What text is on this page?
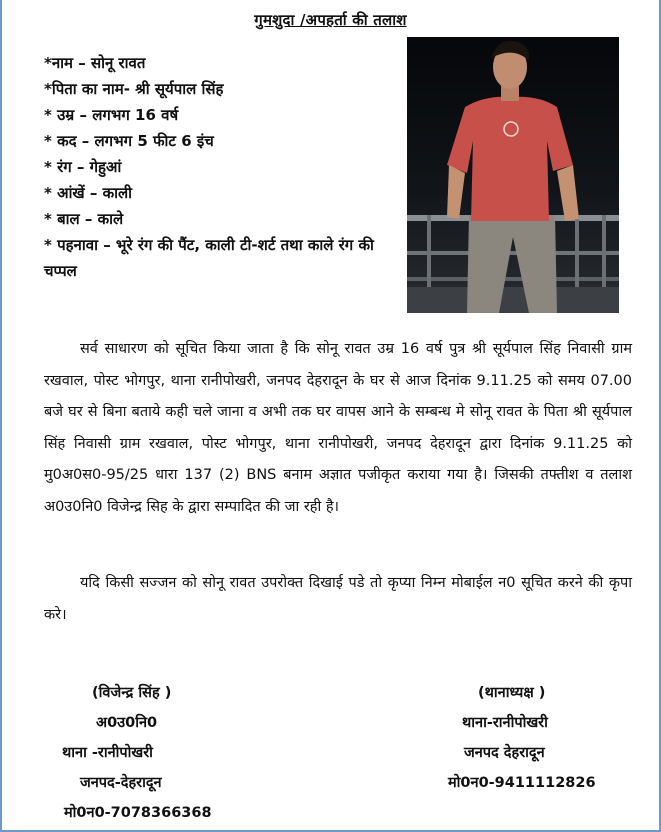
गुमशुदा /अपहर्ता की तलाश
*नाम – सोनू रावत
*पिता का नाम- श्री सूर्यपाल सिंह
* उम्र – लगभग 16 वर्ष
* कद – लगभग 5 फीट 6 इंच
* रंग – गेहुआं
* आंखें – काली
* बाल – काले
* पहनावा – भूरे रंग की पैंट, काली टी-शर्ट तथा काले रंग की चप्पल
सर्व साधारण को सूचित किया जाता है कि सोनू रावत उम्र 16 वर्ष पुत्र श्री सूर्यपाल सिंह निवासी ग्राम रखवाल, पोस्ट भोगपुर, थाना रानीपोखरी, जनपद देहरादून के घर से आज दिनांक 9.11.25 को समय 07.00 बजे घर से बिना बताये कही चले जाना व अभी तक घर वापस आने के सम्बन्ध मे सोनू रावत के पिता श्री सूर्यपाल सिंह निवासी ग्राम रखवाल, पोस्ट भोगपुर, थाना रानीपोखरी, जनपद देहरादून द्वारा दिनांक 9.11.25 को मु0अ0स0-95/25 धारा 137 (2) BNS बनाम अज्ञात पजीकृत कराया गया है। जिसकी तफ्तीश व तलाश अ0उ0नि0 विजेन्द्र सिह के द्वारा सम्पादित की जा रही है।
यदि किसी सज्जन को सोनू रावत उपरोक्त दिखाई पडे तो कृप्या निम्न मोबाईल न0 सूचित करने की कृपा करे।
(विजेन्द्र सिंह )
अ0उ0नि0
थाना -रानीपोखरी
जनपद-देहरादून
मो0न0-7078366368
(थानाध्यक्ष )
थाना-रानीपोखरी
जनपद देहरादून
मो0न0-9411112826
